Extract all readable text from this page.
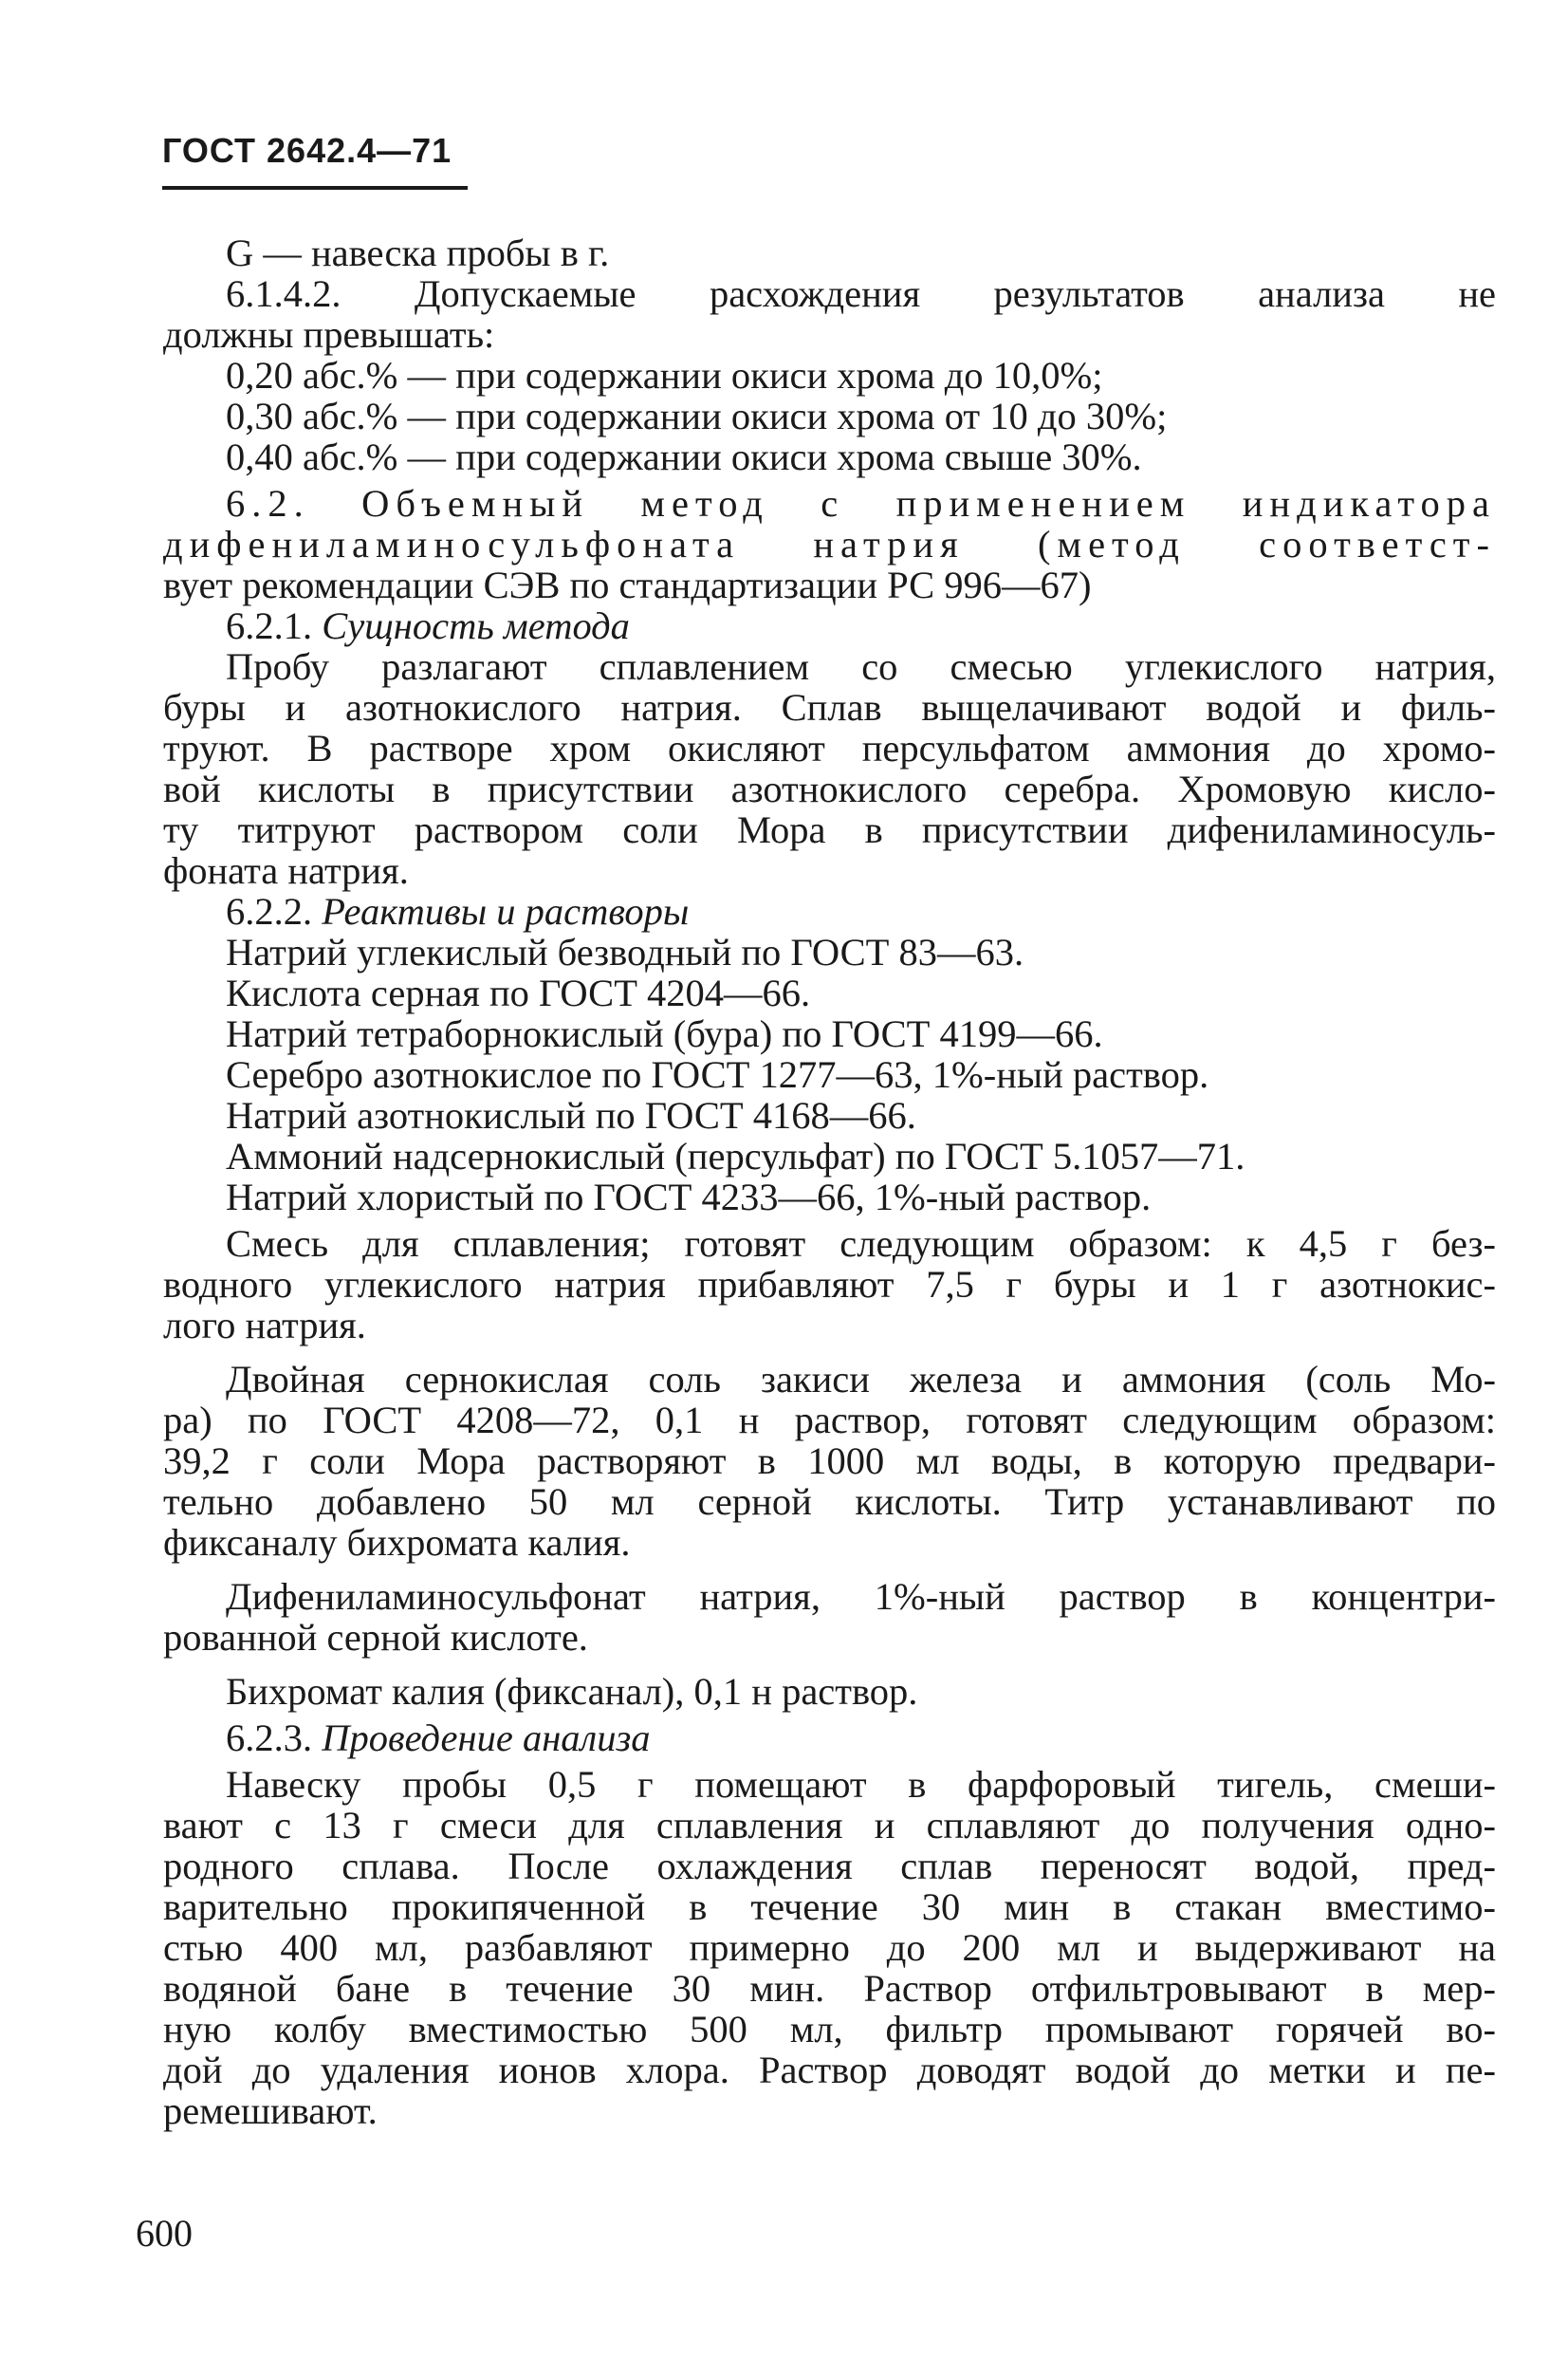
ГОСТ 2642.4—71

G — навеска пробы в г.

6.1.4.2. Допускаемые расхождения результатов анализа не

должны превышать:

0,20 абс.% — при содержании окиси хрома до 10,0%;

0,30 абс.% — при содержании окиси хрома от 10 до 30%;

0,40 абс.% — при содержании окиси хрома свыше 30%.

6.2. Объемный метод с применением индикатора

дифениламиносульфоната натрия (метод соответст-

вует рекомендации СЭВ по стандартизации РС 996—67)

6.2.1. Сущность метода

Пробу разлагают сплавлением со смесью углекислого натрия,

буры и азотнокислого натрия. Сплав выщелачивают водой и филь-

труют. В растворе хром окисляют персульфатом аммония до хромо-

вой кислоты в присутствии азотнокислого серебра. Хромовую кисло-

ту титруют раствором соли Мора в присутствии дифениламиносуль-

фоната натрия.

6.2.2. Реактивы и растворы

Натрий углекислый безводный по ГОСТ 83—63.

Кислота серная по ГОСТ 4204—66.

Натрий тетраборнокислый (бура) по ГОСТ 4199—66.

Серебро азотнокислое по ГОСТ 1277—63, 1%-ный раствор.

Натрий азотнокислый по ГОСТ 4168—66.

Аммоний надсернокислый (персульфат) по ГОСТ 5.1057—71.

Натрий хлористый по ГОСТ 4233—66, 1%-ный раствор.

Смесь для сплавления; готовят следующим образом: к 4,5 г без-

водного углекислого натрия прибавляют 7,5 г буры и 1 г азотнокис-

лого натрия.

Двойная сернокислая соль закиси железа и аммония (соль Мо-

ра) по ГОСТ 4208—72, 0,1 н раствор, готовят следующим образом:

39,2 г соли Мора растворяют в 1000 мл воды, в которую предвари-

тельно добавлено 50 мл серной кислоты. Титр устанавливают по

фиксаналу бихромата калия.

Дифениламиносульфонат натрия, 1%-ный раствор в концентри-

рованной серной кислоте.

Бихромат калия (фиксанал), 0,1 н раствор.

6.2.3. Проведение анализа

Навеску пробы 0,5 г помещают в фарфоровый тигель, смеши-

вают с 13 г смеси для сплавления и сплавляют до получения одно-

родного сплава. После охлаждения сплав переносят водой, пред-

варительно прокипяченной в течение 30 мин в стакан вместимо-

стью 400 мл, разбавляют примерно до 200 мл и выдерживают на

водяной бане в течение 30 мин. Раствор отфильтровывают в мер-

ную колбу вместимостью 500 мл, фильтр промывают горячей во-

дой до удаления ионов хлора. Раствор доводят водой до метки и пе-

ремешивают.

600
